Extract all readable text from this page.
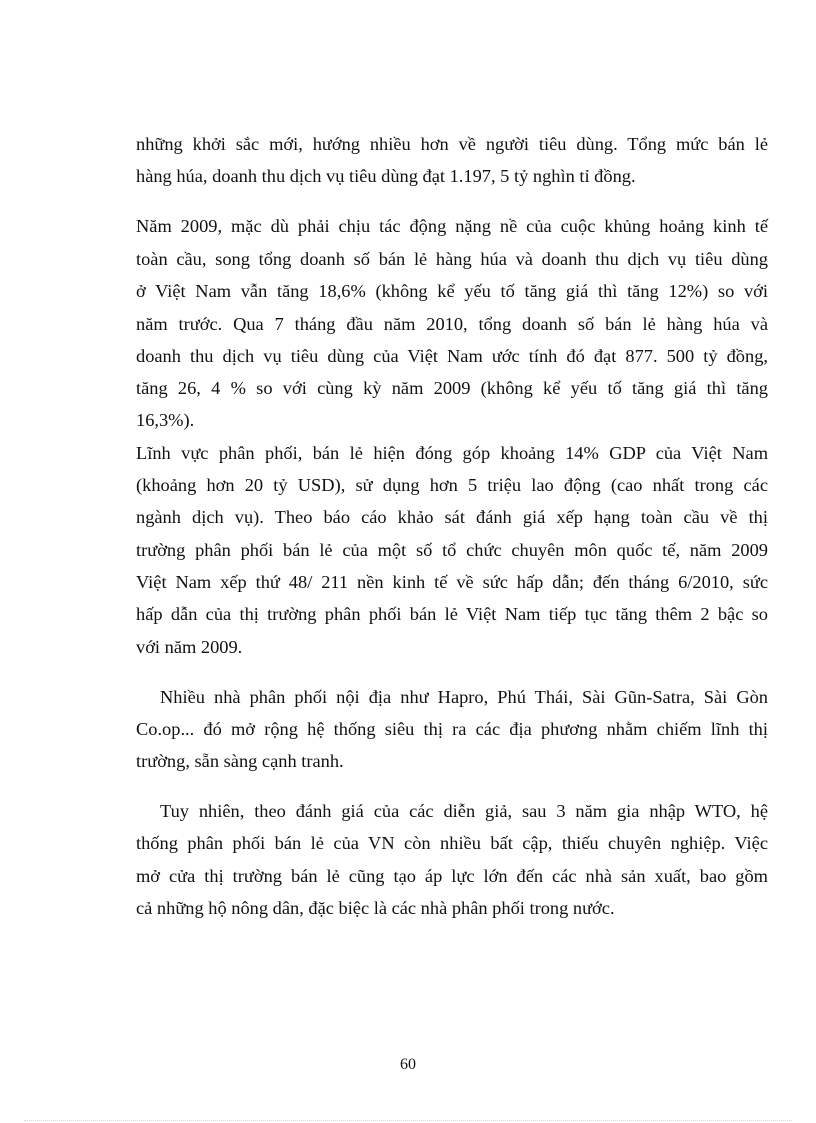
những khởi sắc mới, hướng nhiều hơn về người tiêu dùng. Tổng mức bán lẻ
hàng húa, doanh thu dịch vụ tiêu dùng đạt 1.197, 5 tỷ nghìn tỉ đồng.
Năm 2009, mặc dù phải chịu tác động nặng nề của cuộc khủng hoảng kinh tế
toàn cầu, song tổng doanh số bán lẻ hàng húa và doanh thu dịch vụ tiêu dùng
ở Việt Nam vẫn tăng 18,6% (không kể yếu tố tăng giá thì tăng 12%) so với
năm trước. Qua 7 tháng đầu năm 2010, tổng doanh số bán lẻ hàng húa và
doanh thu dịch vụ tiêu dùng của Việt Nam ước tính đó đạt 877. 500 tỷ đồng,
tăng 26, 4 % so với cùng kỳ năm 2009 (không kể yếu tố tăng giá thì tăng
16,3%).
Lĩnh vực phân phối, bán lẻ hiện đóng góp khoảng 14% GDP của Việt Nam
(khoảng hơn 20 tỷ USD), sử dụng hơn 5 triệu lao động (cao nhất trong các
ngành dịch vụ). Theo báo cáo khảo sát đánh giá xếp hạng toàn cầu về thị
trường phân phối bán lẻ của một số tổ chức chuyên môn quốc tế, năm 2009
Việt Nam xếp thứ 48/ 211 nền kinh tế về sức hấp dẫn; đến tháng 6/2010, sức
hấp dẫn của thị trường phân phối bán lẻ Việt Nam tiếp tục tăng thêm 2 bậc so
với năm 2009.
Nhiều nhà phân phối nội địa như Hapro, Phú Thái, Sài Gũn-Satra, Sài Gòn
Co.op... đó mở rộng hệ thống siêu thị ra các địa phương nhằm chiếm lĩnh thị
trường, sẵn sàng cạnh tranh.
Tuy nhiên, theo đánh giá của các diễn giả, sau 3 năm gia nhập WTO, hệ
thống phân phối bán lẻ của VN còn nhiều bất cập, thiếu chuyên nghiệp. Việc
mở cửa thị trường bán lẻ cũng tạo áp lực lớn đến các nhà sản xuất, bao gồm
cả những hộ nông dân, đặc biệc là các nhà phân phối trong nước.
60
